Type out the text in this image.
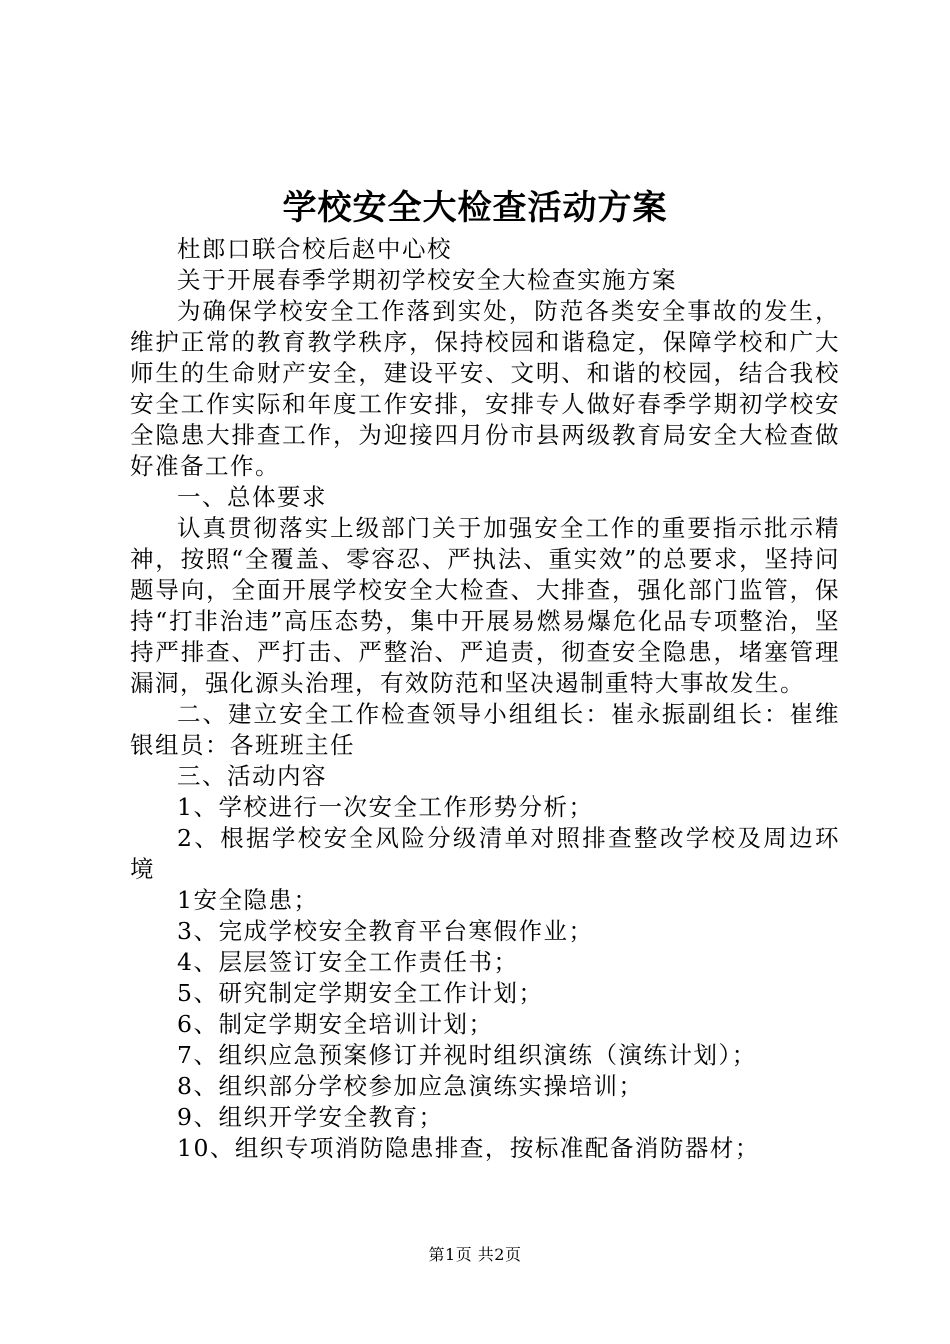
学校安全大检查活动方案

杜郎口联合校后赵中心校

关于开展春季学期初学校安全大检查实施方案

为确保学校安全工作落到实处，防范各类安全事故的发生，维护正常的教育教学秩序，保持校园和谐稳定，保障学校和广大师生的生命财产安全，建设平安、文明、和谐的校园，结合我校安全工作实际和年度工作安排，安排专人做好春季学期初学校安全隐患大排查工作，为迎接四月份市县两级教育局安全大检查做好准备工作。

一、总体要求

认真贯彻落实上级部门关于加强安全工作的重要指示批示精神，按照“全覆盖、零容忍、严执法、重实效”的总要求，坚持问题导向，全面开展学校安全大检查、大排查，强化部门监管，保持“打非治违”高压态势，集中开展易燃易爆危化品专项整治，坚持严排查、严打击、严整治、严追责，彻查安全隐患，堵塞管理漏洞，强化源头治理，有效防范和坚决遏制重特大事故发生。

二、建立安全工作检查领导小组组长：崔永振副组长：崔维银组员：各班班主任

三、活动内容

1、学校进行一次安全工作形势分析；

2、根据学校安全风险分级清单对照排查整改学校及周边环境

1安全隐患；

3、完成学校安全教育平台寒假作业；

4、层层签订安全工作责任书；

5、研究制定学期安全工作计划；

6、制定学期安全培训计划；

7、组织应急预案修订并视时组织演练（演练计划）；

8、组织部分学校参加应急演练实操培训；

9、组织开学安全教育；

10、组织专项消防隐患排查，按标准配备消防器材；

第1页 共2页
